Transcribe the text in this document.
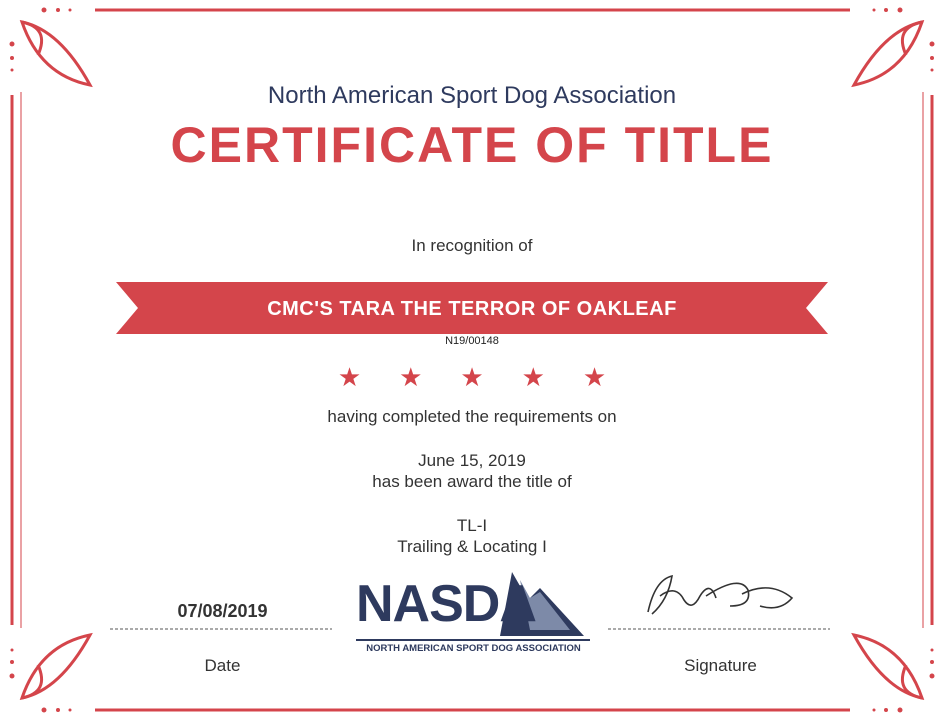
North American Sport Dog Association
CERTIFICATE OF TITLE
In recognition of
CMC'S TARA THE TERROR OF OAKLEAF
N19/00148
★ ★ ★ ★ ★
having completed the requirements on
June 15, 2019
has been award the title of
TL-I
Trailing & Locating I
07/08/2019
Date	Signature
NASDA
NORTH AMERICAN SPORT DOG ASSOCIATION
